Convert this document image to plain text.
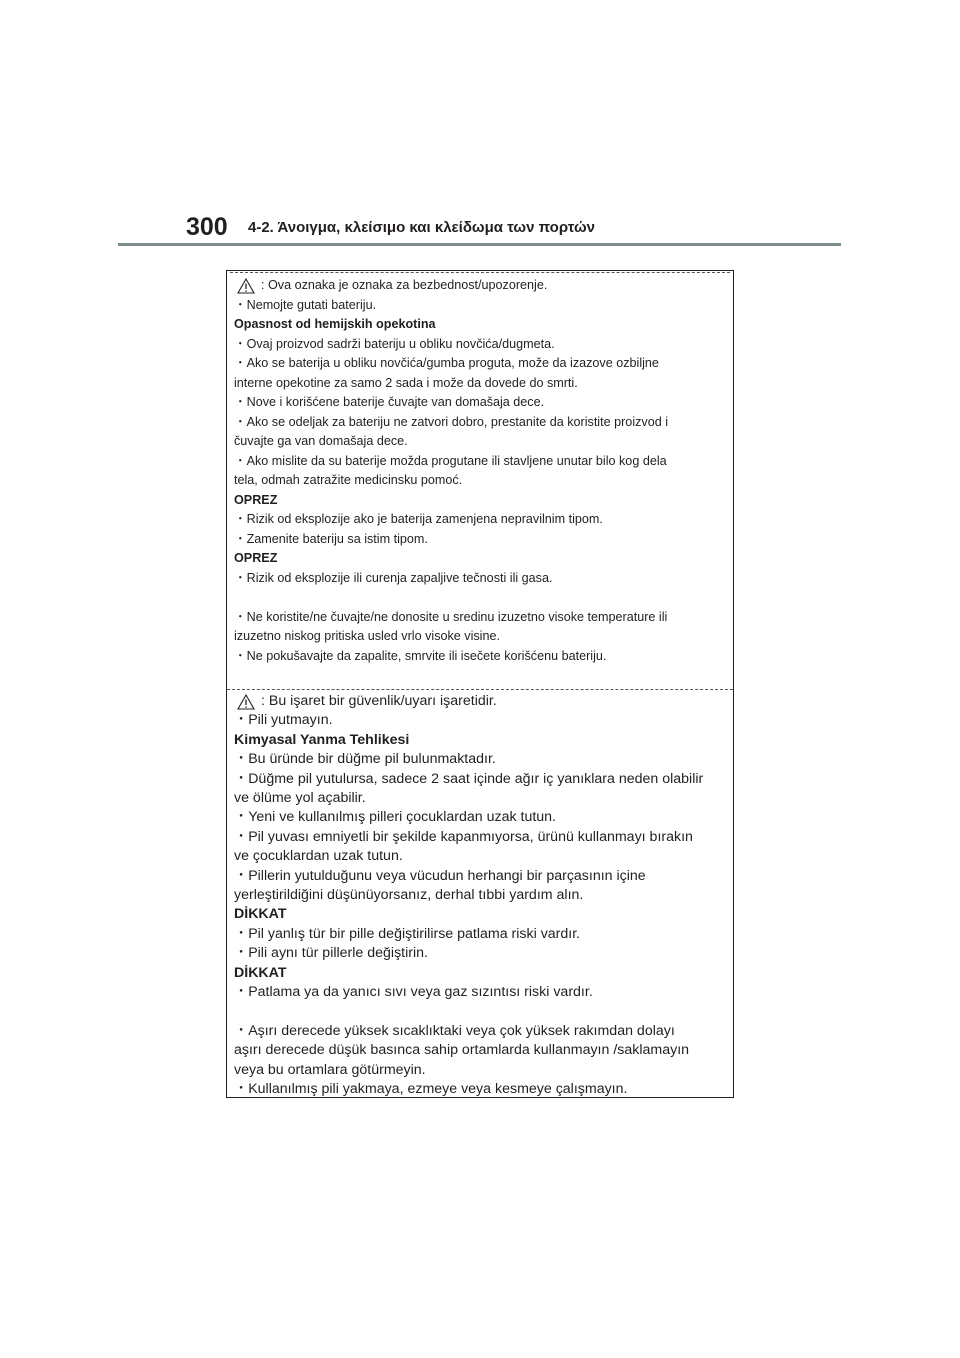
300 4-2. Άνοιγμα, κλείσιμο και κλείδωμα των πορτών
: Ova oznaka je oznaka za bezbednost/upozorenje.

・Nemojte gutati bateriju.

Opasnost od hemijskih opekotina

・Ovaj proizvod sadrži bateriju u obliku novčića/dugmeta.

・Ako se baterija u obliku novčića/gumba proguta, može da izazove ozbiljne

interne opekotine za samo 2 sada i može da dovede do smrti.

・Nove i korišćene baterije čuvajte van domašaja dece.

・Ako se odeljak za bateriju ne zatvori dobro, prestanite da koristite proizvod i

čuvajte ga van domašaja dece.

・Ako mislite da su baterije možda progutane ili stavljene unutar bilo kog dela

tela, odmah zatražite medicinsku pomoć.

OPREZ

・Rizik od eksplozije ako je baterija zamenjena nepravilnim tipom.

・Zamenite bateriju sa istim tipom.

OPREZ

・Rizik od eksplozije ili curenja zapaljive tečnosti ili gasa.

・Ne koristite/ne čuvajte/ne donosite u sredinu izuzetno visoke temperature ili

izuzetno niskog pritiska usled vrlo visoke visine.

・Ne pokušavajte da zapalite, smrvite ili isečete korišćenu bateriju.

: Bu işaret bir güvenlik/uyarı işaretidir.

・Pili yutmayın.

Kimyasal Yanma Tehlikesi

・Bu üründe bir düğme pil bulunmaktadır.

・Düğme pil yutulursa, sadece 2 saat içinde ağır iç yanıklara neden olabilir

ve ölüme yol açabilir.

・Yeni ve kullanılmış pilleri çocuklardan uzak tutun.

・Pil yuvası emniyetli bir şekilde kapanmıyorsa, ürünü kullanmayı bırakın

ve çocuklardan uzak tutun.

・Pillerin yutulduğunu veya vücudun herhangi bir parçasının içine

yerleştirildiğini düşünüyorsanız, derhal tıbbi yardım alın.

DİKKAT

・Pil yanlış tür bir pille değiştirilirse patlama riski vardır.

・Pili aynı tür pillerle değiştirin.

DİKKAT

・Patlama ya da yanıcı sıvı veya gaz sızıntısı riski vardır.

・Aşırı derecede yüksek sıcaklıktaki veya çok yüksek rakımdan dolayı

aşırı derecede düşük basınca sahip ortamlarda kullanmayın /saklamayın

veya bu ortamlara götürmeyin.

・Kullanılmış pili yakmaya, ezmeye veya kesmeye çalışmayın.
